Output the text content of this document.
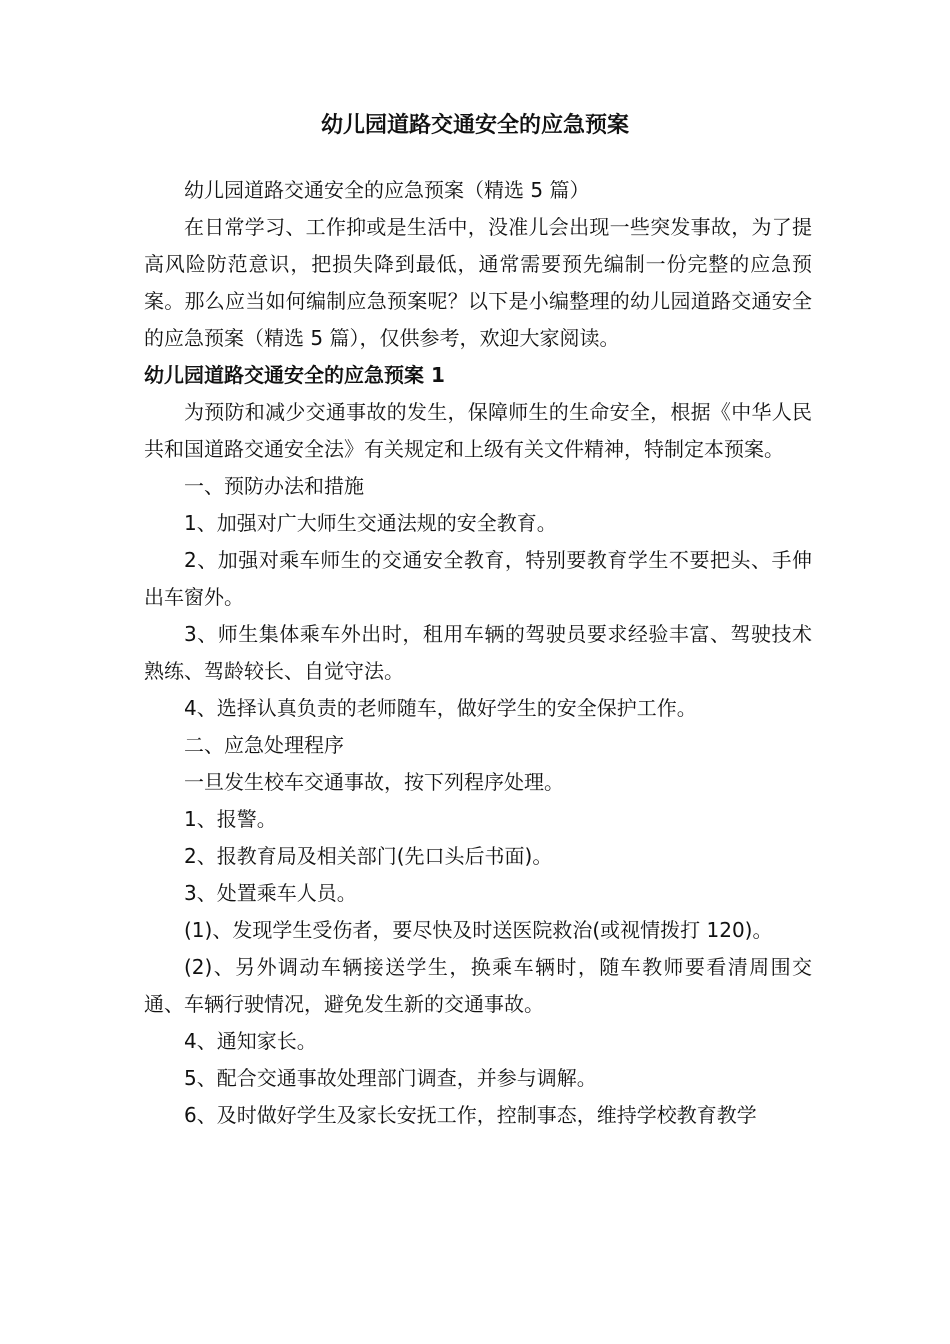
幼儿园道路交通安全的应急预案

幼儿园道路交通安全的应急预案（精选 5 篇）

在日常学习、工作抑或是生活中，没准儿会出现一些突发事故，为了提高风险防范意识，把损失降到最低，通常需要预先编制一份完整的应急预案。那么应当如何编制应急预案呢？以下是小编整理的幼儿园道路交通安全的应急预案（精选 5 篇），仅供参考，欢迎大家阅读。

幼儿园道路交通安全的应急预案 1

为预防和减少交通事故的发生，保障师生的生命安全，根据《中华人民共和国道路交通安全法》有关规定和上级有关文件精神，特制定本预案。

一、预防办法和措施

1、加强对广大师生交通法规的安全教育。

2、加强对乘车师生的交通安全教育，特别要教育学生不要把头、手伸出车窗外。

3、师生集体乘车外出时，租用车辆的驾驶员要求经验丰富、驾驶技术熟练、驾龄较长、自觉守法。

4、选择认真负责的老师随车，做好学生的安全保护工作。

二、应急处理程序

一旦发生校车交通事故，按下列程序处理。

1、报警。

2、报教育局及相关部门(先口头后书面)。

3、处置乘车人员。

(1)、发现学生受伤者，要尽快及时送医院救治(或视情拨打 120)。

(2)、另外调动车辆接送学生，换乘车辆时，随车教师要看清周围交通、车辆行驶情况，避免发生新的交通事故。

4、通知家长。

5、配合交通事故处理部门调查，并参与调解。

6、及时做好学生及家长安抚工作，控制事态，维持学校教育教学
